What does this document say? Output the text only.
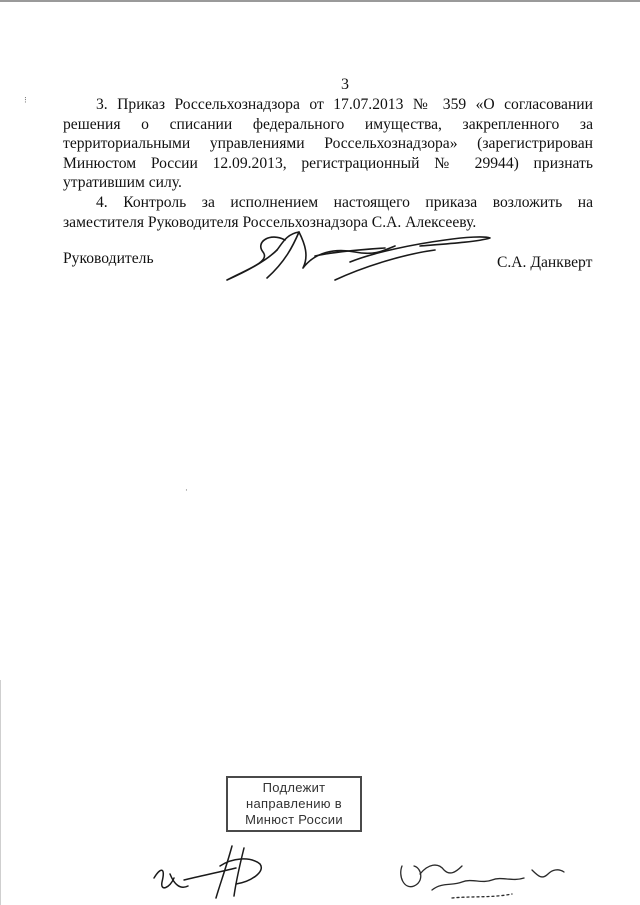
3
⁝
·

3. Приказ Россельхознадзора от 17.07.2013 № 359 «О согласовании решения о списании федерального имущества, закрепленного за территориальными управлениями Россельхознадзора» (зарегистрирован Минюстом России 12.09.2013, регистрационный № 29944) признать утратившим силу.

4. Контроль за исполнением настоящего приказа возложить на заместителя Руководителя Россельхознадзора С.А. Алексееву.

Руководитель	С.А. Данкверт
Подлежит
направлению в
Минюст России
